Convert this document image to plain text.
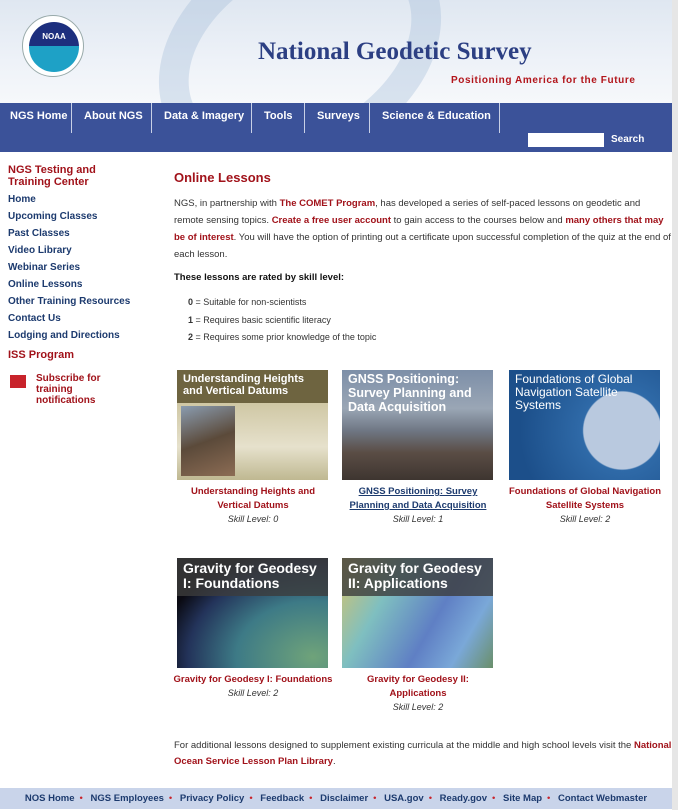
NOAA
National Geodetic Survey
Positioning America for the Future
NGS Home About NGS Data & Imagery Tools Surveys Science & Education
Search
NGS Testing and Training Center
Home
Upcoming Classes
Past Classes
Video Library
Webinar Series
Online Lessons
Other Training Resources
Contact Us
Lodging and Directions
ISS Program
Subscribe for training notifications
Online Lessons
NGS, in partnership with The COMET Program, has developed a series of self-paced lessons on geodetic and remote sensing topics. Create a free user account to gain access to the courses below and many others that may be of interest. You will have the option of printing out a certificate upon successful completion of the quiz at the end of each lesson.
These lessons are rated by skill level:
0 = Suitable for non-scientists
1 = Requires basic scientific literacy
2 = Requires some prior knowledge of the topic
Understanding Heights and Vertical Datums
Understanding Heights and Vertical Datums
Skill Level: 0
GNSS Positioning: Survey Planning and Data Acquisition
GNSS Positioning: Survey Planning and Data Acquisition
Skill Level: 1
Foundations of Global Navigation Satellite Systems
Foundations of Global Navigation Satellite Systems
Skill Level: 2
Gravity for Geodesy I: Foundations
Gravity for Geodesy I: Foundations
Skill Level: 2
Gravity for Geodesy II: Applications
Gravity for Geodesy II: Applications
Skill Level: 2
For additional lessons designed to supplement existing curricula at the middle and high school levels visit the National Ocean Service Lesson Plan Library.
NOS Home • NGS Employees • Privacy Policy • Feedback • Disclaimer • USA.gov • Ready.gov • Site Map • Contact Webmaster
